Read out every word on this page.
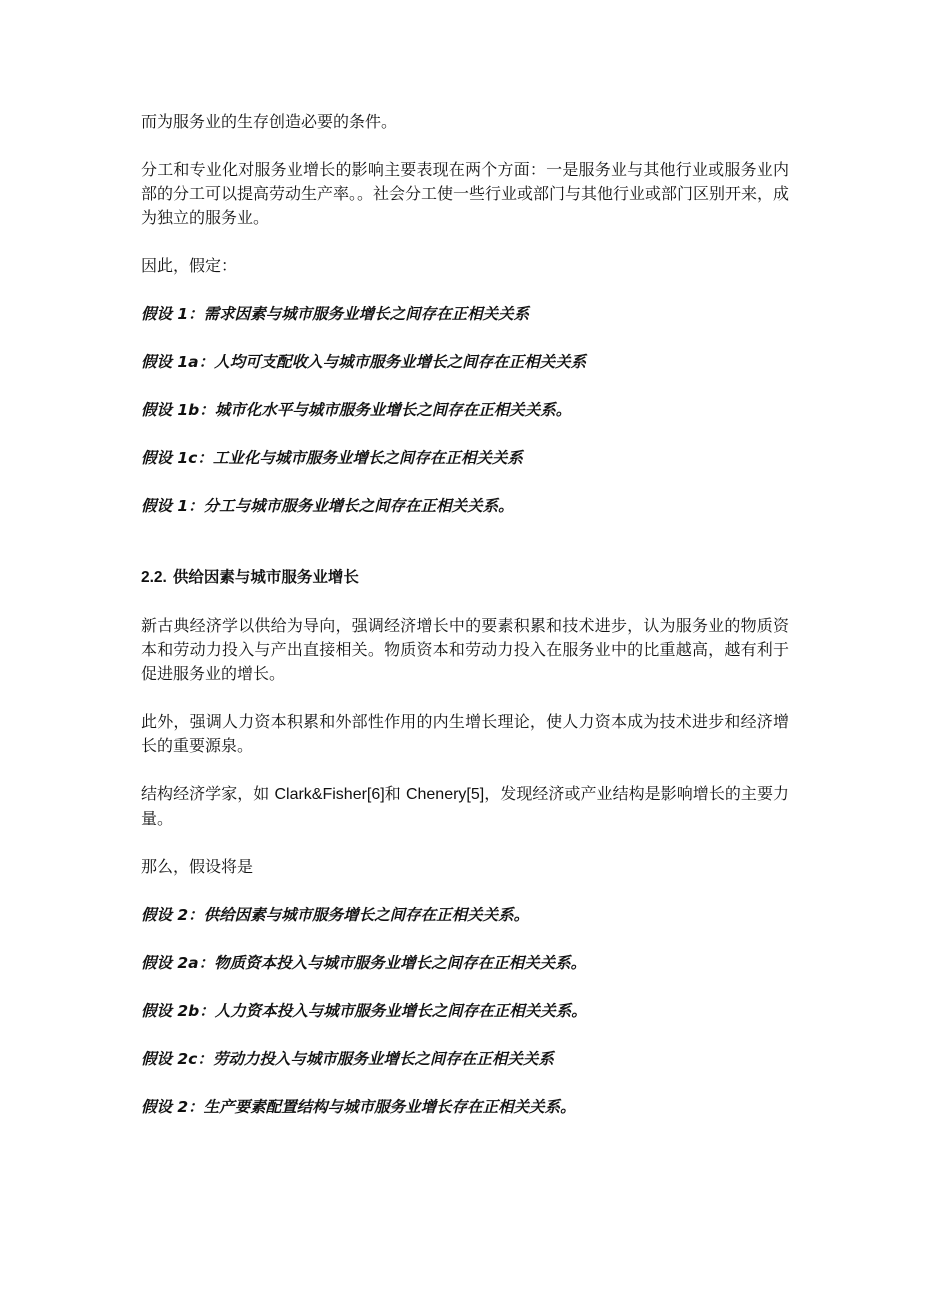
而为服务业的生存创造必要的条件。

分工和专业化对服务业增长的影响主要表现在两个方面：一是服务业与其他行业或服务业内部的分工可以提高劳动生产率。。社会分工使一些行业或部门与其他行业或部门区别开来，成为独立的服务业。

因此，假定：

假设 1：需求因素与城市服务业增长之间存在正相关关系

假设 1a：人均可支配收入与城市服务业增长之间存在正相关关系

假设 1b：城市化水平与城市服务业增长之间存在正相关关系。

假设 1c：工业化与城市服务业增长之间存在正相关关系

假设 1：分工与城市服务业增长之间存在正相关关系。

2.2. 供给因素与城市服务业增长

新古典经济学以供给为导向，强调经济增长中的要素积累和技术进步，认为服务业的物质资本和劳动力投入与产出直接相关。物质资本和劳动力投入在服务业中的比重越高，越有利于促进服务业的增长。

此外，强调人力资本积累和外部性作用的内生增长理论，使人力资本成为技术进步和经济增长的重要源泉。

结构经济学家，如 Clark&Fisher[6]和 Chenery[5]，发现经济或产业结构是影响增长的主要力量。

那么，假设将是

假设 2：供给因素与城市服务增长之间存在正相关关系。

假设 2a：物质资本投入与城市服务业增长之间存在正相关关系。

假设 2b：人力资本投入与城市服务业增长之间存在正相关关系。

假设 2c：劳动力投入与城市服务业增长之间存在正相关关系

假设 2：生产要素配置结构与城市服务业增长存在正相关关系。
